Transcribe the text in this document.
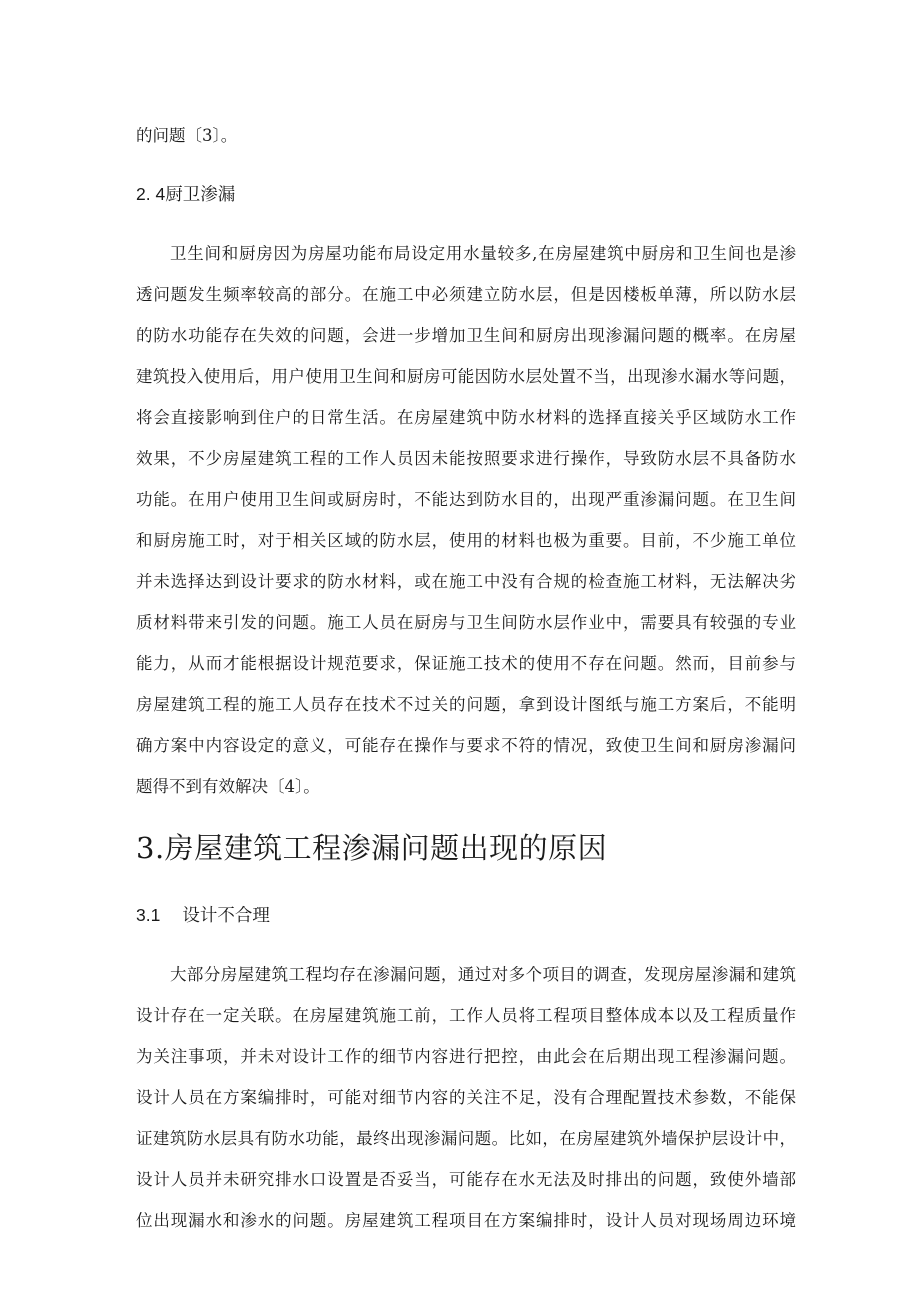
的问题〔3〕。
2. 4厨卫渗漏
卫生间和厨房因为房屋功能布局设定用水量较多,在房屋建筑中厨房和卫生间也是渗
透问题发生频率较高的部分。在施工中必须建立防水层，但是因楼板单薄，所以防水层
的防水功能存在失效的问题，会进一步增加卫生间和厨房出现渗漏问题的概率。在房屋
建筑投入使用后，用户使用卫生间和厨房可能因防水层处置不当，出现渗水漏水等问题，
将会直接影响到住户的日常生活。在房屋建筑中防水材料的选择直接关乎区域防水工作
效果，不少房屋建筑工程的工作人员因未能按照要求进行操作，导致防水层不具备防水
功能。在用户使用卫生间或厨房时，不能达到防水目的，出现严重渗漏问题。在卫生间
和厨房施工时，对于相关区域的防水层，使用的材料也极为重要。目前，不少施工单位
并未选择达到设计要求的防水材料，或在施工中没有合规的检查施工材料，无法解决劣
质材料带来引发的问题。施工人员在厨房与卫生间防水层作业中，需要具有较强的专业
能力，从而才能根据设计规范要求，保证施工技术的使用不存在问题。然而，目前参与
房屋建筑工程的施工人员存在技术不过关的问题，拿到设计图纸与施工方案后，不能明
确方案中内容设定的意义，可能存在操作与要求不符的情况，致使卫生间和厨房渗漏问
题得不到有效解决〔4〕。
3.房屋建筑工程渗漏问题出现的原因
3.1 设计不合理
大部分房屋建筑工程均存在渗漏问题，通过对多个项目的调查，发现房屋渗漏和建筑
设计存在一定关联。在房屋建筑施工前，工作人员将工程项目整体成本以及工程质量作
为关注事项，并未对设计工作的细节内容进行把控，由此会在后期出现工程渗漏问题。
设计人员在方案编排时，可能对细节内容的关注不足，没有合理配置技术参数，不能保
证建筑防水层具有防水功能，最终出现渗漏问题。比如，在房屋建筑外墙保护层设计中，
设计人员并未研究排水口设置是否妥当，可能存在水无法及时排出的问题，致使外墙部
位出现漏水和渗水的问题。房屋建筑工程项目在方案编排时，设计人员对现场周边环境
